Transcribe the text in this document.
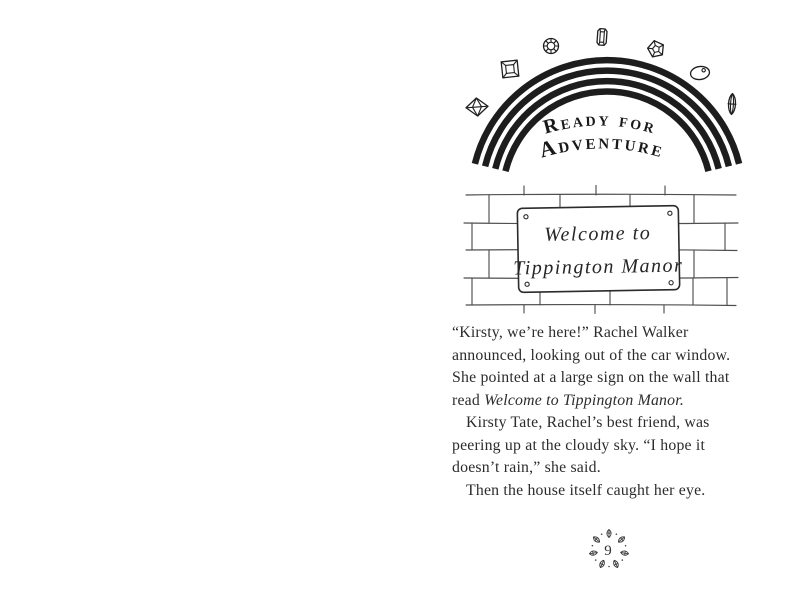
Ready for
Adventure
Welcome to
Tippington Manor
“Kirsty, we’re here!” Rachel Walker
announced, looking out of the car window.
She pointed at a large sign on the wall that
read Welcome to Tippington Manor.
Kirsty Tate, Rachel’s best friend, was
peering up at the cloudy sky. “I hope it
doesn’t rain,” she said.
Then the house itself caught her eye.
9
